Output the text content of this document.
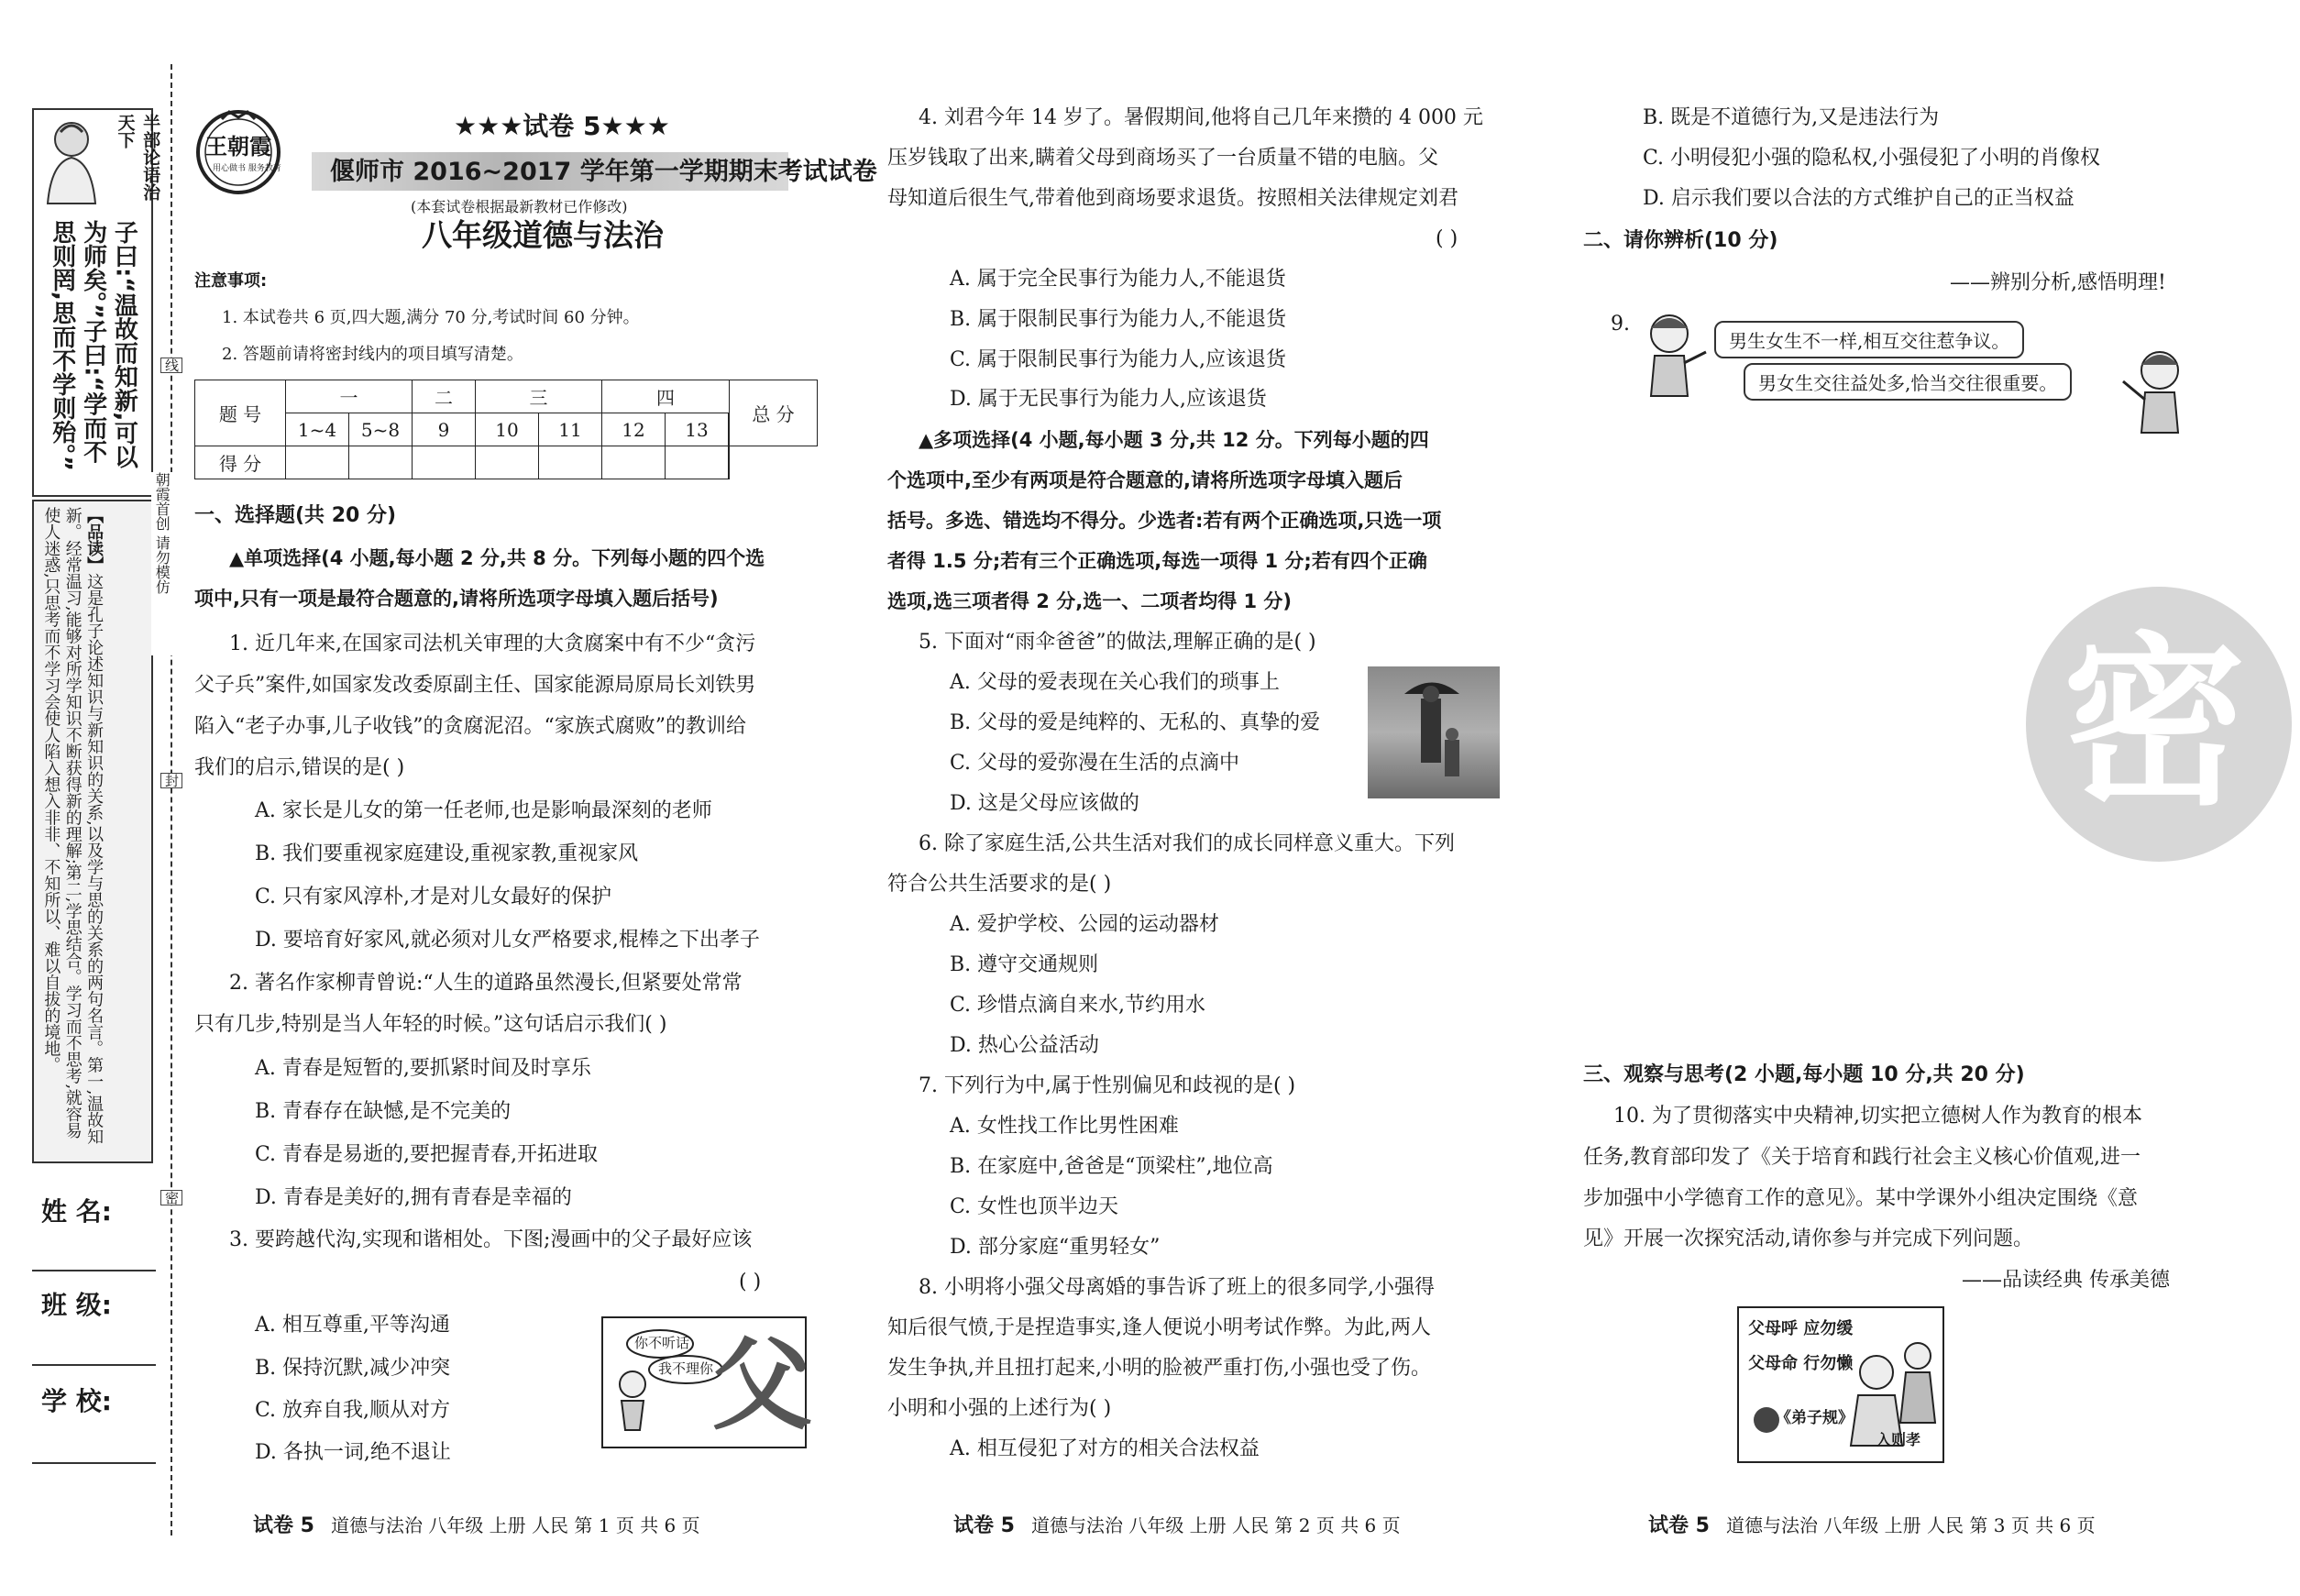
半部论语治天下
子曰:“温故而知新,可以为师矣。”子曰:“学而不思则罔,思而不学则殆。”
【品读】这是孔子论述知识与新知识的关系,以及学与思的关系的两句名言。第一,温故知新。经常温习,能够对所学知识不断获得新的理解;第二,学思结合。学习而不思考,就容易使人迷惑,只思考而不学习会使人陷入想入非非、不知所以、难以自拔的境地。
姓 名:
班 级:
学 校:
线
朝霞首创 请勿模仿
封
密
王朝霞
用心做书 服务教育
★★★试卷 5★★★
偃师市 2016~2017 学年第一学期期末考试试卷
(本套试卷根据最新教材已作修改)
八年级道德与法治
注意事项:
1. 本试卷共 6 页,四大题,满分 70 分,考试时间 60 分钟。
2. 答题前请将密封线内的项目填写清楚。
题 号	一		二	三		四		总 分
	1~4	5~8	9	10	11	12	13	
得 分								
一、选择题(共 20 分)
▲单项选择(4 小题,每小题 2 分,共 8 分。下列每小题的四个选
项中,只有一项是最符合题意的,请将所选项字母填入题后括号)
1. 近几年来,在国家司法机关审理的大贪腐案中有不少“贪污
父子兵”案件,如国家发改委原副主任、国家能源局原局长刘铁男
陷入“老子办事,儿子收钱”的贪腐泥沼。“家族式腐败”的教训给
我们的启示,错误的是( )
A. 家长是儿女的第一任老师,也是影响最深刻的老师
B. 我们要重视家庭建设,重视家教,重视家风
C. 只有家风淳朴,才是对儿女最好的保护
D. 要培育好家风,就必须对儿女严格要求,棍棒之下出孝子
2. 著名作家柳青曾说:“人生的道路虽然漫长,但紧要处常常
只有几步,特别是当人年轻的时候。”这句话启示我们( )
A. 青春是短暂的,要抓紧时间及时享乐
B. 青春存在缺憾,是不完美的
C. 青春是易逝的,要把握青春,开拓进取
D. 青春是美好的,拥有青春是幸福的
3. 要跨越代沟,实现和谐相处。下图;漫画中的父子最好应该
( )
A. 相互尊重,平等沟通
B. 保持沉默,减少冲突
C. 放弃自我,顺从对方
D. 各执一词,绝不退让
你不听话
我不理你
父
试卷 5 道德与法治 八年级 上册 人民 第 1 页 共 6 页
4. 刘君今年 14 岁了。暑假期间,他将自己几年来攒的 4 000 元
压岁钱取了出来,瞒着父母到商场买了一台质量不错的电脑。父
母知道后很生气,带着他到商场要求退货。按照相关法律规定刘君
( )
A. 属于完全民事行为能力人,不能退货
B. 属于限制民事行为能力人,不能退货
C. 属于限制民事行为能力人,应该退货
D. 属于无民事行为能力人,应该退货
▲多项选择(4 小题,每小题 3 分,共 12 分。下列每小题的四
个选项中,至少有两项是符合题意的,请将所选项字母填入题后
括号。多选、错选均不得分。少选者:若有两个正确选项,只选一项
者得 1.5 分;若有三个正确选项,每选一项得 1 分;若有四个正确
选项,选三项者得 2 分,选一、二项者均得 1 分)
5. 下面对“雨伞爸爸”的做法,理解正确的是( )
A. 父母的爱表现在关心我们的琐事上
B. 父母的爱是纯粹的、无私的、真挚的爱
C. 父母的爱弥漫在生活的点滴中
D. 这是父母应该做的
6. 除了家庭生活,公共生活对我们的成长同样意义重大。下列
符合公共生活要求的是( )
A. 爱护学校、公园的运动器材
B. 遵守交通规则
C. 珍惜点滴自来水,节约用水
D. 热心公益活动
7. 下列行为中,属于性别偏见和歧视的是( )
A. 女性找工作比男性困难
B. 在家庭中,爸爸是“顶梁柱”,地位高
C. 女性也顶半边天
D. 部分家庭“重男轻女”
8. 小明将小强父母离婚的事告诉了班上的很多同学,小强得
知后很气愤,于是捏造事实,逢人便说小明考试作弊。为此,两人
发生争执,并且扭打起来,小明的脸被严重打伤,小强也受了伤。
小明和小强的上述行为( )
A. 相互侵犯了对方的相关合法权益
试卷 5 道德与法治 八年级 上册 人民 第 2 页 共 6 页
B. 既是不道德行为,又是违法行为
C. 小明侵犯小强的隐私权,小强侵犯了小明的肖像权
D. 启示我们要以合法的方式维护自己的正当权益
二、请你辨析(10 分)
——辨别分析,感悟明理!
9.
男生女生不一样,相互交往惹争议。
男女生交往益处多,恰当交往很重要。
密
三、观察与思考(2 小题,每小题 10 分,共 20 分)
10. 为了贯彻落实中央精神,切实把立德树人作为教育的根本
任务,教育部印发了《关于培育和践行社会主义核心价值观,进一
步加强中小学德育工作的意见》。某中学课外小组决定围绕《意
见》开展一次探究活动,请你参与并完成下列问题。
——品读经典 传承美德
父母呼 应勿缓
父母命 行勿懒
《弟子规》
入则孝
试卷 5 道德与法治 八年级 上册 人民 第 3 页 共 6 页
